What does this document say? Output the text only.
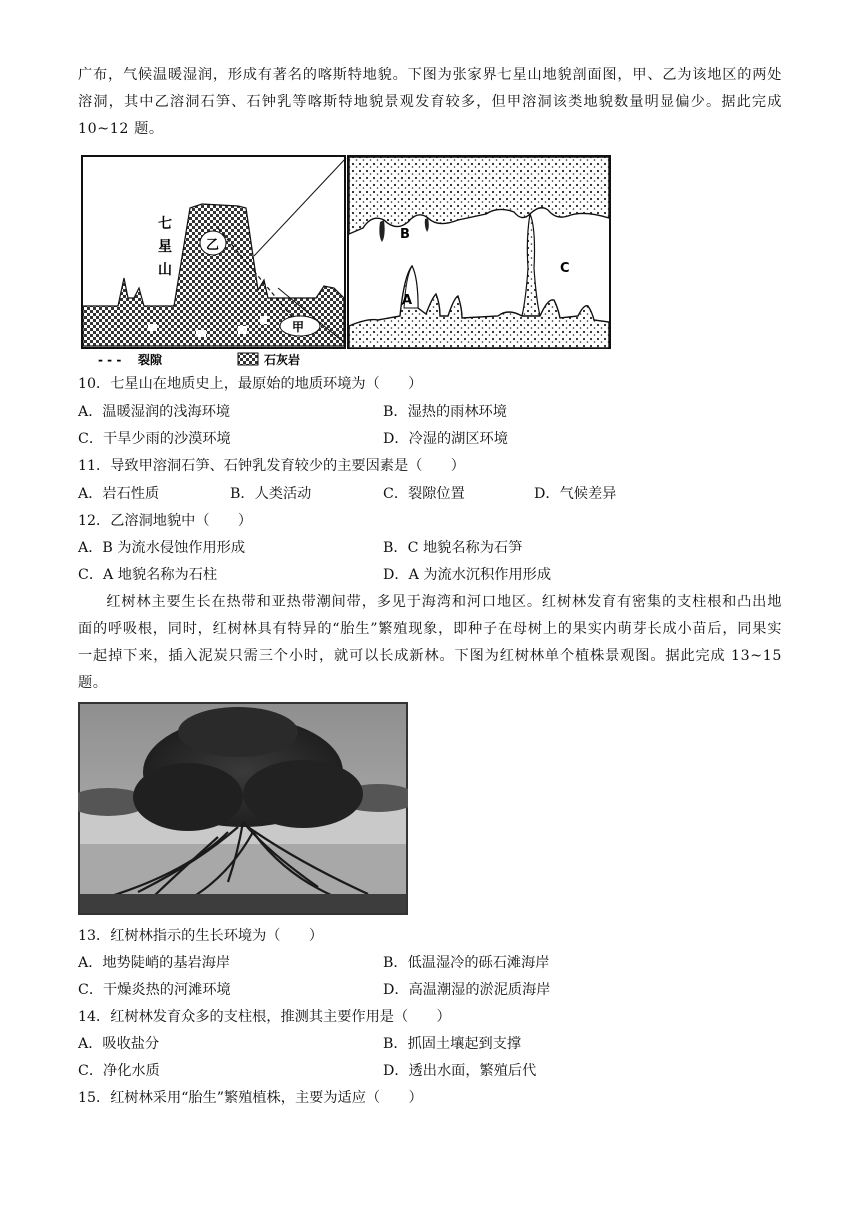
广布，气候温暖湿润，形成有著名的喀斯特地貌。下图为张家界七星山地貌剖面图，甲、乙为该地区的两处溶洞，其中乙溶洞石笋、石钟乳等喀斯特地貌景观发育较多，但甲溶洞该类地貌数量明显偏少。据此完成 10~12 题。
七
星
山
乙
甲
- - - 裂隙	石灰岩
A
B
C
10．七星山在地质史上，最原始的地质环境为（　　）
A．温暖湿润的浅海环境	B．湿热的雨林环境
C．干旱少雨的沙漠环境	D．冷湿的湖区环境
11．导致甲溶洞石笋、石钟乳发育较少的主要因素是（　　）
A．岩石性质	B．人类活动	C．裂隙位置	D．气候差异
12．乙溶洞地貌中（　　）
A．B 为流水侵蚀作用形成	B．C 地貌名称为石笋
C．A 地貌名称为石柱	D．A 为流水沉积作用形成
红树林主要生长在热带和亚热带潮间带，多见于海湾和河口地区。红树林发育有密集的支柱根和凸出地面的呼吸根，同时，红树林具有特异的“胎生”繁殖现象，即种子在母树上的果实内萌芽长成小苗后，同果实一起掉下来，插入泥炭只需三个小时，就可以长成新林。下图为红树林单个植株景观图。据此完成 13~15 题。
13．红树林指示的生长环境为（　　）
A．地势陡峭的基岩海岸	B．低温湿冷的砾石滩海岸
C．干燥炎热的河滩环境	D．高温潮湿的淤泥质海岸
14．红树林发育众多的支柱根，推测其主要作用是（　　）
A．吸收盐分	B．抓固土壤起到支撑
C．净化水质	D．透出水面，繁殖后代
15．红树林采用“胎生”繁殖植株，主要为适应（　　）
